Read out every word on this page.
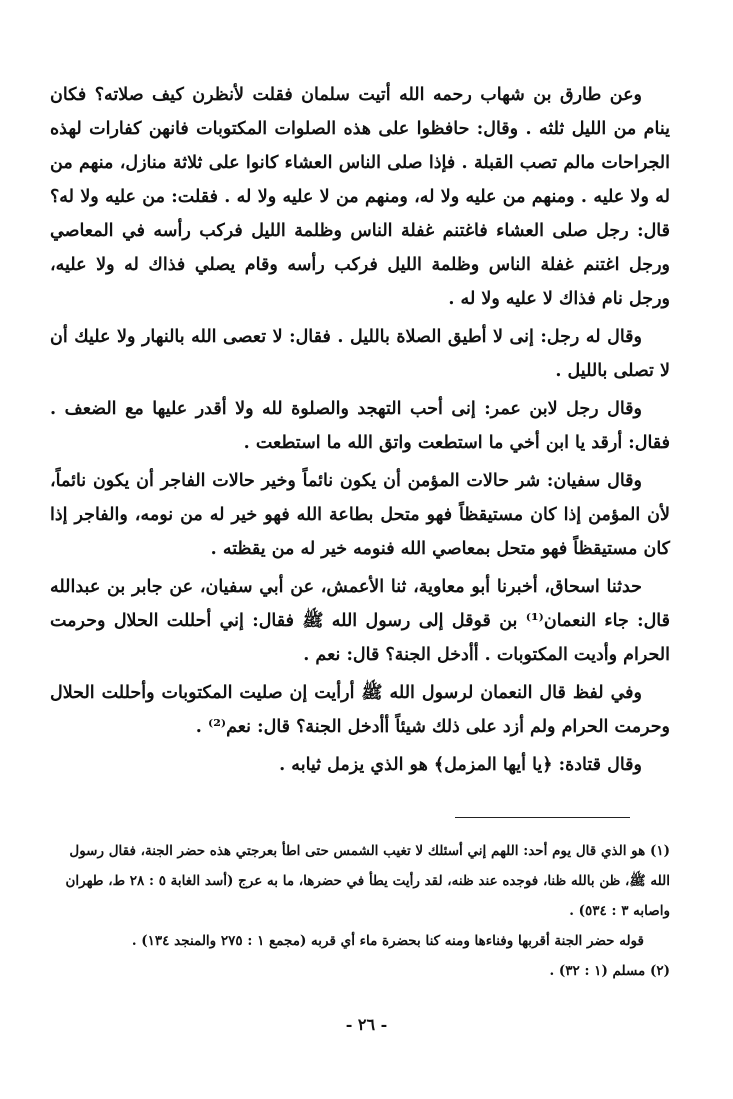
وعن طارق بن شهاب رحمه الله أتيت سلمان فقلت لأنظرن كيف صلاته؟ فكان ينام من الليل ثلثه . وقال: حافظوا على هذه الصلوات المكتوبات فانهن كفارات لهذه الجراحات مالم تصب القبلة . فإذا صلى الناس العشاء كانوا على ثلاثة منازل، منهم من له ولا عليه . ومنهم من عليه ولا له، ومنهم من لا عليه ولا له . فقلت: من عليه ولا له؟ قال: رجل صلى العشاء فاغتنم غفلة الناس وظلمة الليل فركب رأسه في المعاصي ورجل اغتنم غفلة الناس وظلمة الليل فركب رأسه وقام يصلي فذاك له ولا عليه، ورجل نام فذاك لا عليه ولا له .

وقال له رجل: إنى لا أطيق الصلاة بالليل . فقال: لا تعصى الله بالنهار ولا عليك أن لا تصلى بالليل .

وقال رجل لابن عمر: إنى أحب التهجد والصلوة لله ولا أقدر عليها مع الضعف . فقال: أرقد يا ابن أخي ما استطعت واتق الله ما استطعت .

وقال سفيان: شر حالات المؤمن أن يكون نائماً وخير حالات الفاجر أن يكون نائماً، لأن المؤمن إذا كان مستيقظاً فهو متحل بطاعة الله فهو خير له من نومه، والفاجر إذا كان مستيقظاً فهو متحل بمعاصي الله فنومه خير له من يقظته .

حدثنا اسحاق، أخبرنا أبو معاوية، ثنا الأعمش، عن أبي سفيان، عن جابر بن عبدالله قال: جاء النعمان⁽¹⁾ بن قوقل إلى رسول الله ﷺ فقال: إني أحللت الحلال وحرمت الحرام وأديت المكتوبات . أأدخل الجنة؟ قال: نعم .

وفي لفظ قال النعمان لرسول الله ﷺ أرأيت إن صليت المكتوبات وأحللت الحلال وحرمت الحرام ولم أزد على ذلك شيئاً أأدخل الجنة؟ قال: نعم⁽²⁾ .

وقال قتادة: ﴿يا أيها المزمل﴾ هو الذي يزمل ثيابه .

(١) هو الذي قال يوم أحد: اللهم إني أسئلك لا تغيب الشمس حتى اطأ بعرجتي هذه حضر الجنة، فقال رسول الله ﷺ، ظن بالله ظنا، فوجده عند ظنه، لقد رأيت يطأ في حضرها، ما به عرج (أسد الغابة ٥ : ٢٨ ط، طهران واصابه ٣ : ٥٣٤) .

قوله حضر الجنة أقربها وفناءها ومنه كنا بحضرة ماء أي قربه (مجمع ١ : ٢٧٥ والمنجد ١٣٤) .

(٢) مسلم (١ : ٣٢) .

- ٢٦ -
